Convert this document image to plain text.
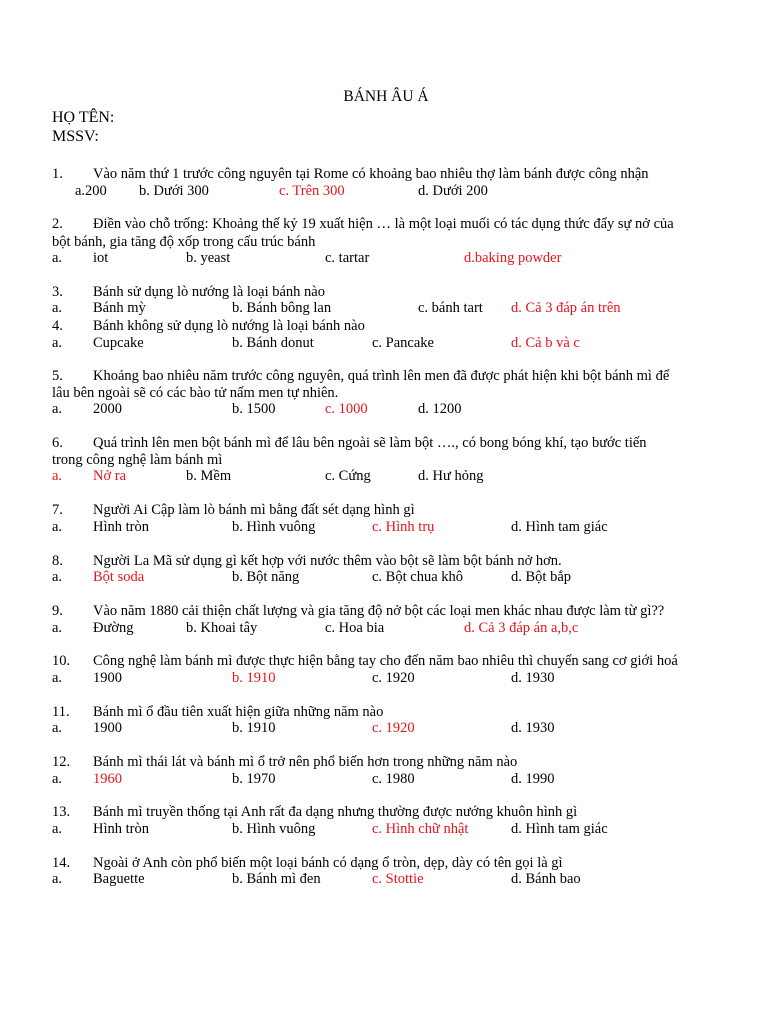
BÁNH ÂU Á
HỌ TÊN:
MSSV:
1. Vào năm thứ 1 trước công nguyên tại Rome có khoảng bao nhiêu thợ làm bánh được công nhận
a.200 b. Dưới 300	c. Trên 300	d. Dưới 200
2. Điền vào chỗ trống: Khoảng thế kỷ 19 xuất hiện … là một loại muối có tác dụng thức đẩy sự nở của
bột bánh, gia tăng độ xốp trong cấu trúc bánh
a. iot	b. yeast	c. tartar	d.baking powder
3. Bánh sử dụng lò nướng là loại bánh nào
a. Bánh mỳ	b. Bánh bông lan	c. bánh tart d. Cả 3 đáp án trên
4. Bánh không sử dụng lò nướng là loại bánh nào
a. Cupcake	b. Bánh donut	c. Pancake	d. Cả b và c
5. Khoảng bao nhiêu năm trước công nguyên, quá trình lên men đã được phát hiện khi bột bánh mì để
lâu bên ngoài sẽ có các bào tử nấm men tự nhiên.
a. 2000	b. 1500	c. 1000	d. 1200
6. Quá trình lên men bột bánh mì để lâu bên ngoài sẽ làm bột …., có bong bóng khí, tạo bước tiến
trong công nghệ làm bánh mì
a. Nở ra	b. Mềm	c. Cứng	d. Hư hỏng
7. Người Ai Cập làm lò bánh mì bằng đất sét dạng hình gì
a. Hình tròn	b. Hình vuông	c. Hình trụ	d. Hình tam giác
8. Người La Mã sử dụng gì kết hợp với nước thêm vào bột sẽ làm bột bánh nở hơn.
a. Bột soda	b. Bột năng	c. Bột chua khô	d. Bột bắp
9. Vào năm 1880 cải thiện chất lượng và gia tăng độ nở bột các loại men khác nhau được làm từ gì??
a. Đường	b. Khoai tây	c. Hoa bia	d. Cả 3 đáp án a,b,c
10. Công nghệ làm bánh mì được thực hiện bằng tay cho đến năm bao nhiêu thì chuyển sang cơ giới hoá
a. 1900	b. 1910	c. 1920	d. 1930
11. Bánh mì ổ đầu tiên xuất hiện giữa những năm nào
a. 1900	b. 1910	c. 1920	d. 1930
12. Bánh mì thái lát và bánh mì ổ trở nên phổ biến hơn trong những năm nào
a. 1960	b. 1970	c. 1980	d. 1990
13. Bánh mì truyền thống tại Anh rất đa dạng nhưng thường được nướng khuôn hình gì
a. Hình tròn	b. Hình vuông	c. Hình chữ nhật	d. Hình tam giác
14. Ngoài ở Anh còn phổ biến một loại bánh có dạng ổ tròn, dẹp, dày có tên gọi là gì
a. Baguette	b. Bánh mì đen	c. Stottie	d. Bánh bao
